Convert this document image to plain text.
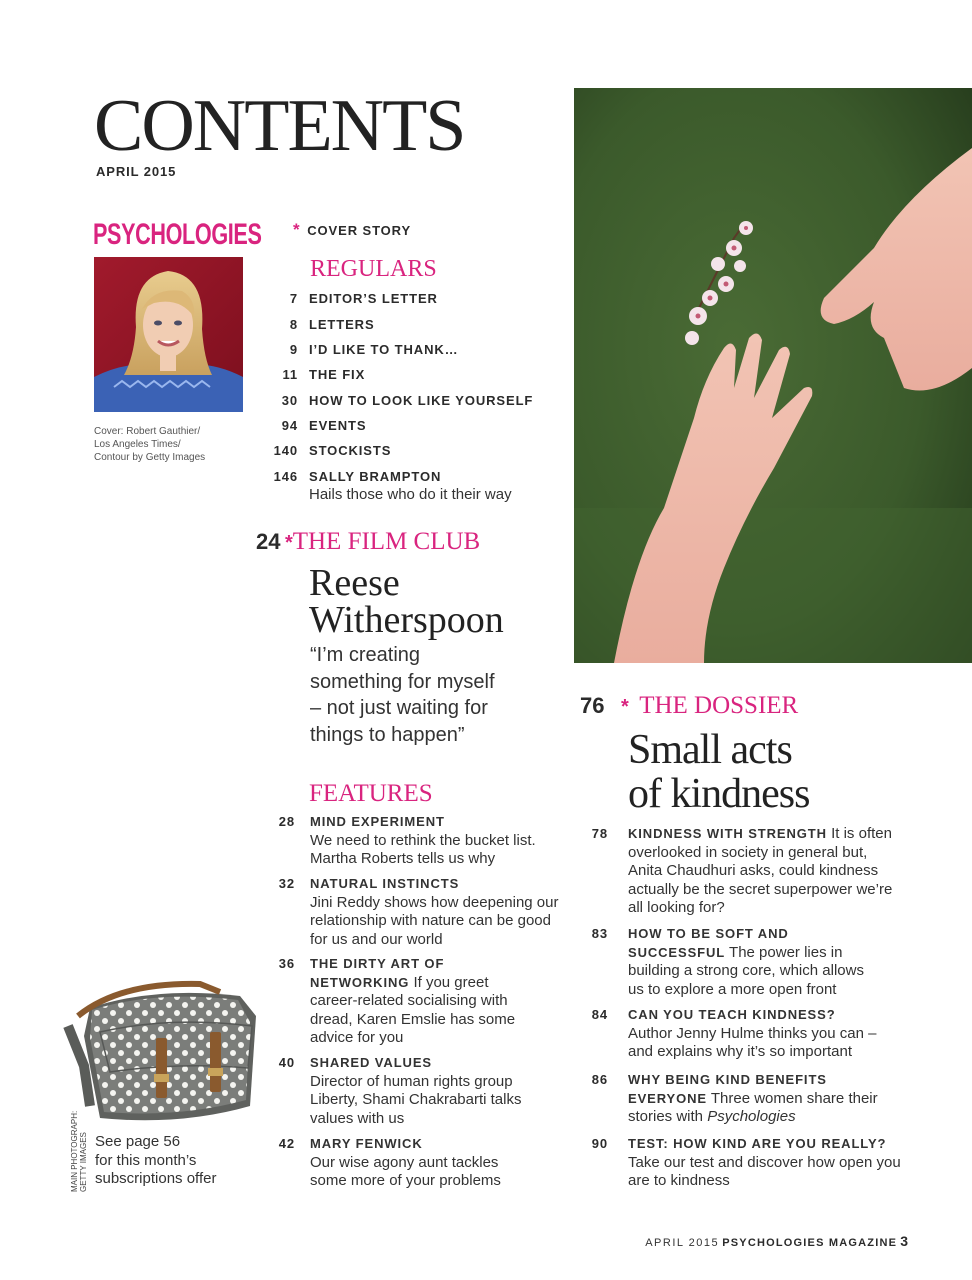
CONTENTS
APRIL 2015
PSYCHOLOGIES
Cover: Robert Gauthier/
Los Angeles Times/
Contour by Getty Images
* COVER STORY
REGULARS
7 EDITOR’S LETTER
8 LETTERS
9 I’D LIKE TO THANK…
11 THE FIX
30 HOW TO LOOK LIKE YOURSELF
94 EVENTS
140 STOCKISTS
146 SALLY BRAMPTON
Hails those who do it their way
24 *THE FILM CLUB
Reese
Witherspoon
“I’m creating
something for myself
– not just waiting for
things to happen”
FEATURES
28 MIND EXPERIMENT
We need to rethink the bucket list. Martha Roberts tells us why
32 NATURAL INSTINCTS
Jini Reddy shows how deepening our relationship with nature can be good for us and our world
36 THE DIRTY ART OF NETWORKING If you greet career-related socialising with dread, Karen Emslie has some advice for you
40 SHARED VALUES
Director of human rights group Liberty, Shami Chakrabarti talks values with us
42 MARY FENWICK
Our wise agony aunt tackles some more of your problems
MAIN PHOTOGRAPH: GETTY IMAGES See page 56
for this month’s
subscriptions offer
76 * THE DOSSIER
Small acts
of kindness
78 KINDNESS WITH STRENGTH It is often overlooked in society in general but, Anita Chaudhuri asks, could kindness actually be the secret superpower we’re all looking for?
83 HOW TO BE SOFT AND SUCCESSFUL The power lies in building a strong core, which allows us to explore a more open front
84 CAN YOU TEACH KINDNESS?
Author Jenny Hulme thinks you can – and explains why it’s so important
86 WHY BEING KIND BENEFITS EVERYONE Three women share their stories with Psychologies
90 TEST: HOW KIND ARE YOU REALLY? Take our test and discover how open you are to kindness
APRIL 2015 PSYCHOLOGIES MAGAZINE 3
